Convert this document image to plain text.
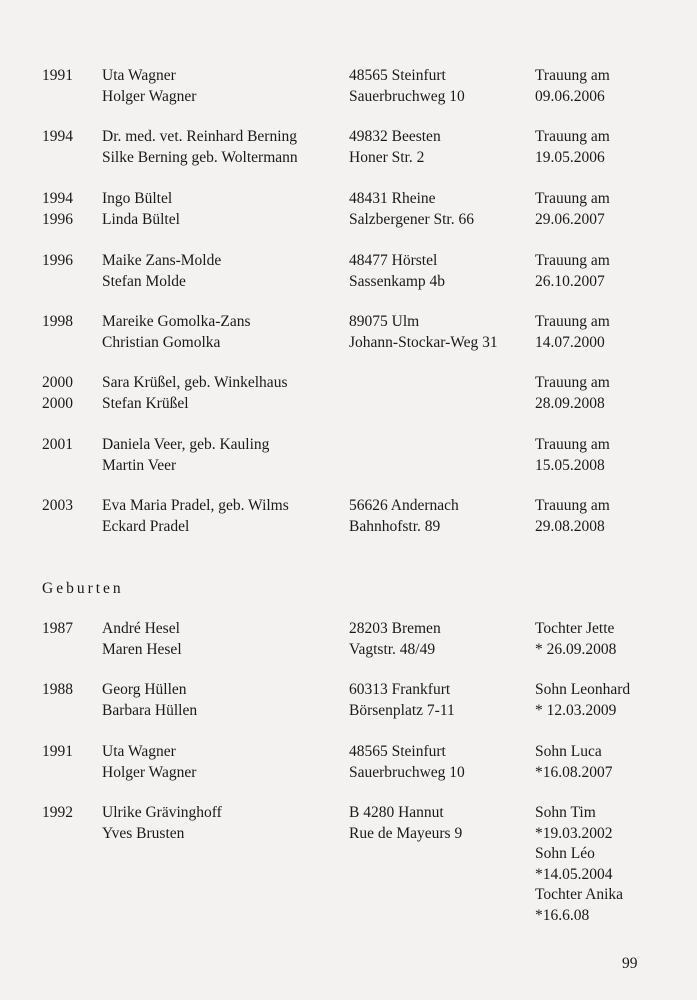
1991 Uta Wagner
Holger Wagner
48565 Steinfurt
Sauerbruchweg 10
Trauung am
09.06.2006
1994 Dr. med. vet. Reinhard Berning
Silke Berning geb. Woltermann
49832 Beesten
Honer Str. 2
Trauung am
19.05.2006
1994
1996
Ingo Bültel
Linda Bültel
48431 Rheine
Salzbergener Str. 66
Trauung am
29.06.2007
1996 Maike Zans-Molde
Stefan Molde
48477 Hörstel
Sassenkamp 4b
Trauung am
26.10.2007
1998 Mareike Gomolka-Zans
Christian Gomolka
89075 Ulm
Johann-Stockar-Weg 31
Trauung am
14.07.2000
2000
2000
Sara Krüßel, geb. Winkelhaus
Stefan Krüßel
Trauung am
28.09.2008
2001 Daniela Veer, geb. Kauling
Martin Veer
Trauung am
15.05.2008
2003 Eva Maria Pradel, geb. Wilms
Eckard Pradel
56626 Andernach
Bahnhofstr. 89
Trauung am
29.08.2008
Geburten
1987 André Hesel
Maren Hesel
28203 Bremen
Vagtstr. 48/49
Tochter Jette
* 26.09.2008
1988 Georg Hüllen
Barbara Hüllen
60313 Frankfurt
Börsenplatz 7-11
Sohn Leonhard
* 12.03.2009
1991 Uta Wagner
Holger Wagner
48565 Steinfurt
Sauerbruchweg 10
Sohn Luca
*16.08.2007
1992 Ulrike Grävinghoff
Yves Brusten
B 4280 Hannut
Rue de Mayeurs 9
Sohn Tim
*19.03.2002
Sohn Léo
*14.05.2004
Tochter Anika
*16.6.08
99
